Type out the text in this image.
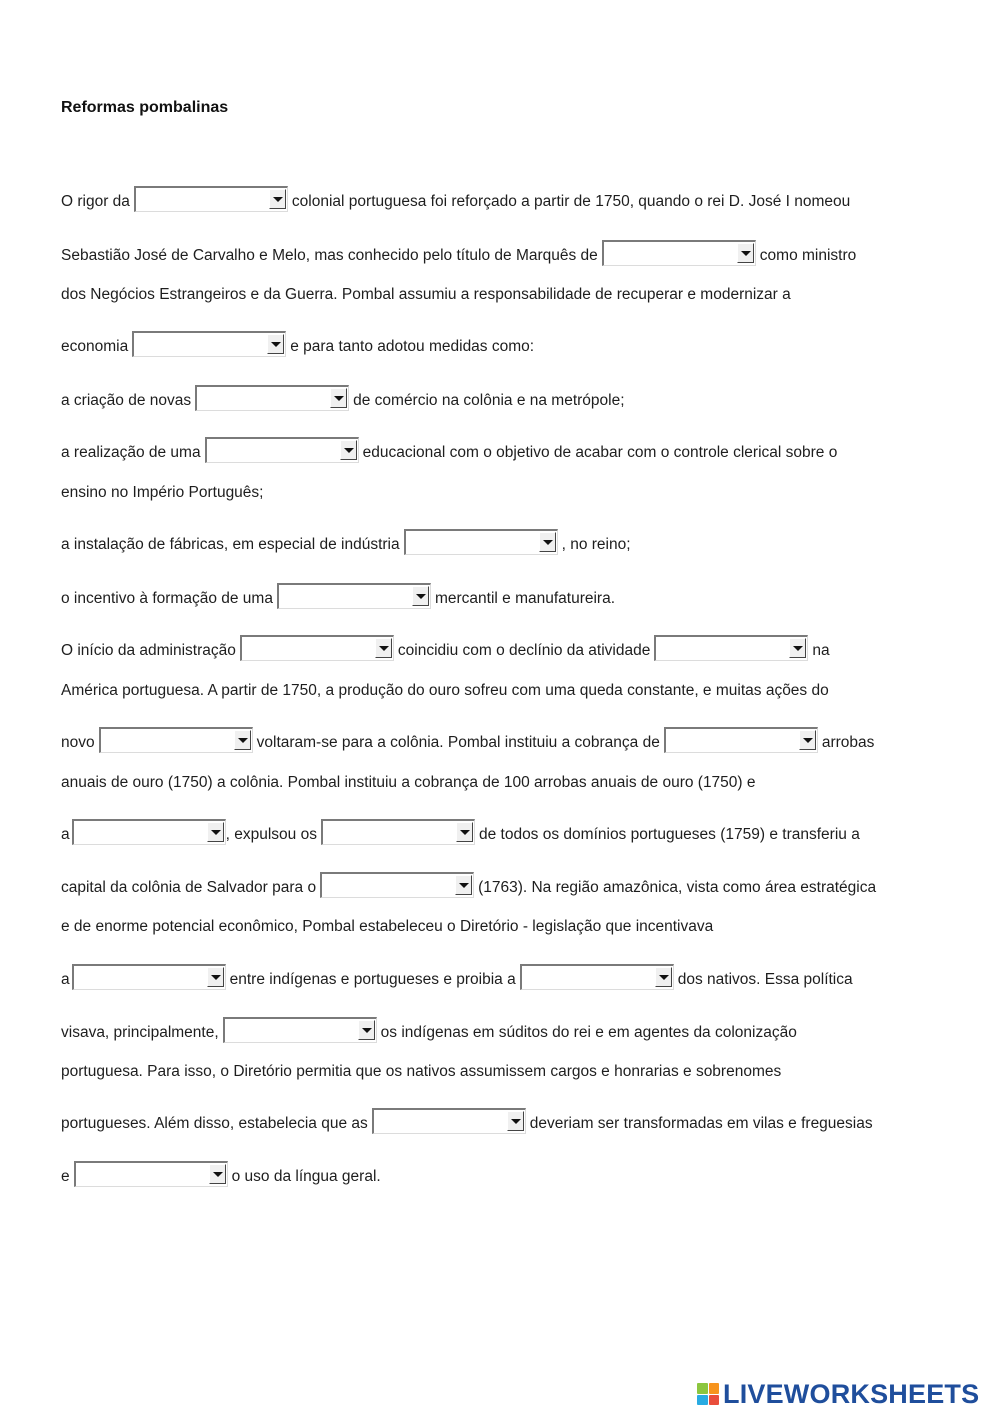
Reformas pombalinas
O rigor da	colonial portuguesa foi reforçado a partir de 1750, quando o rei D. José I nomeou
Sebastião José de Carvalho e Melo, mas conhecido pelo título de Marquês de	como ministro
dos Negócios Estrangeiros e da Guerra. Pombal assumiu a responsabilidade de recuperar e modernizar a
economia	e para tanto adotou medidas como:
a criação de novas	de comércio na colônia e na metrópole;
a realização de uma	educacional com o objetivo de acabar com o controle clerical sobre o
ensino no Império Português;
a instalação de fábricas, em especial de indústria	, no reino;
o incentivo à formação de uma	mercantil e manufatureira.
O início da administração	coincidiu com o declínio da atividade	na
América portuguesa. A partir de 1750, a produção do ouro sofreu com uma queda constante, e muitas ações do
novo	voltaram-se para a colônia. Pombal instituiu a cobrança de	arrobas
anuais de ouro (1750) a colônia. Pombal instituiu a cobrança de 100 arrobas anuais de ouro (1750) e
a	, expulsou os	de todos os domínios portugueses (1759) e transferiu a
capital da colônia de Salvador para o	(1763). Na região amazônica, vista como área estratégica
e de enorme potencial econômico, Pombal estabeleceu o Diretório - legislação que incentivava
a	entre indígenas e portugueses e proibia a	dos nativos. Essa política
visava, principalmente,	os indígenas em súditos do rei e em agentes da colonização
portuguesa. Para isso, o Diretório permitia que os nativos assumissem cargos e honrarias e sobrenomes
portugueses. Além disso, estabelecia que as	deveriam ser transformadas em vilas e freguesias
e	o uso da língua geral.
LIVEWORKSHEETS
